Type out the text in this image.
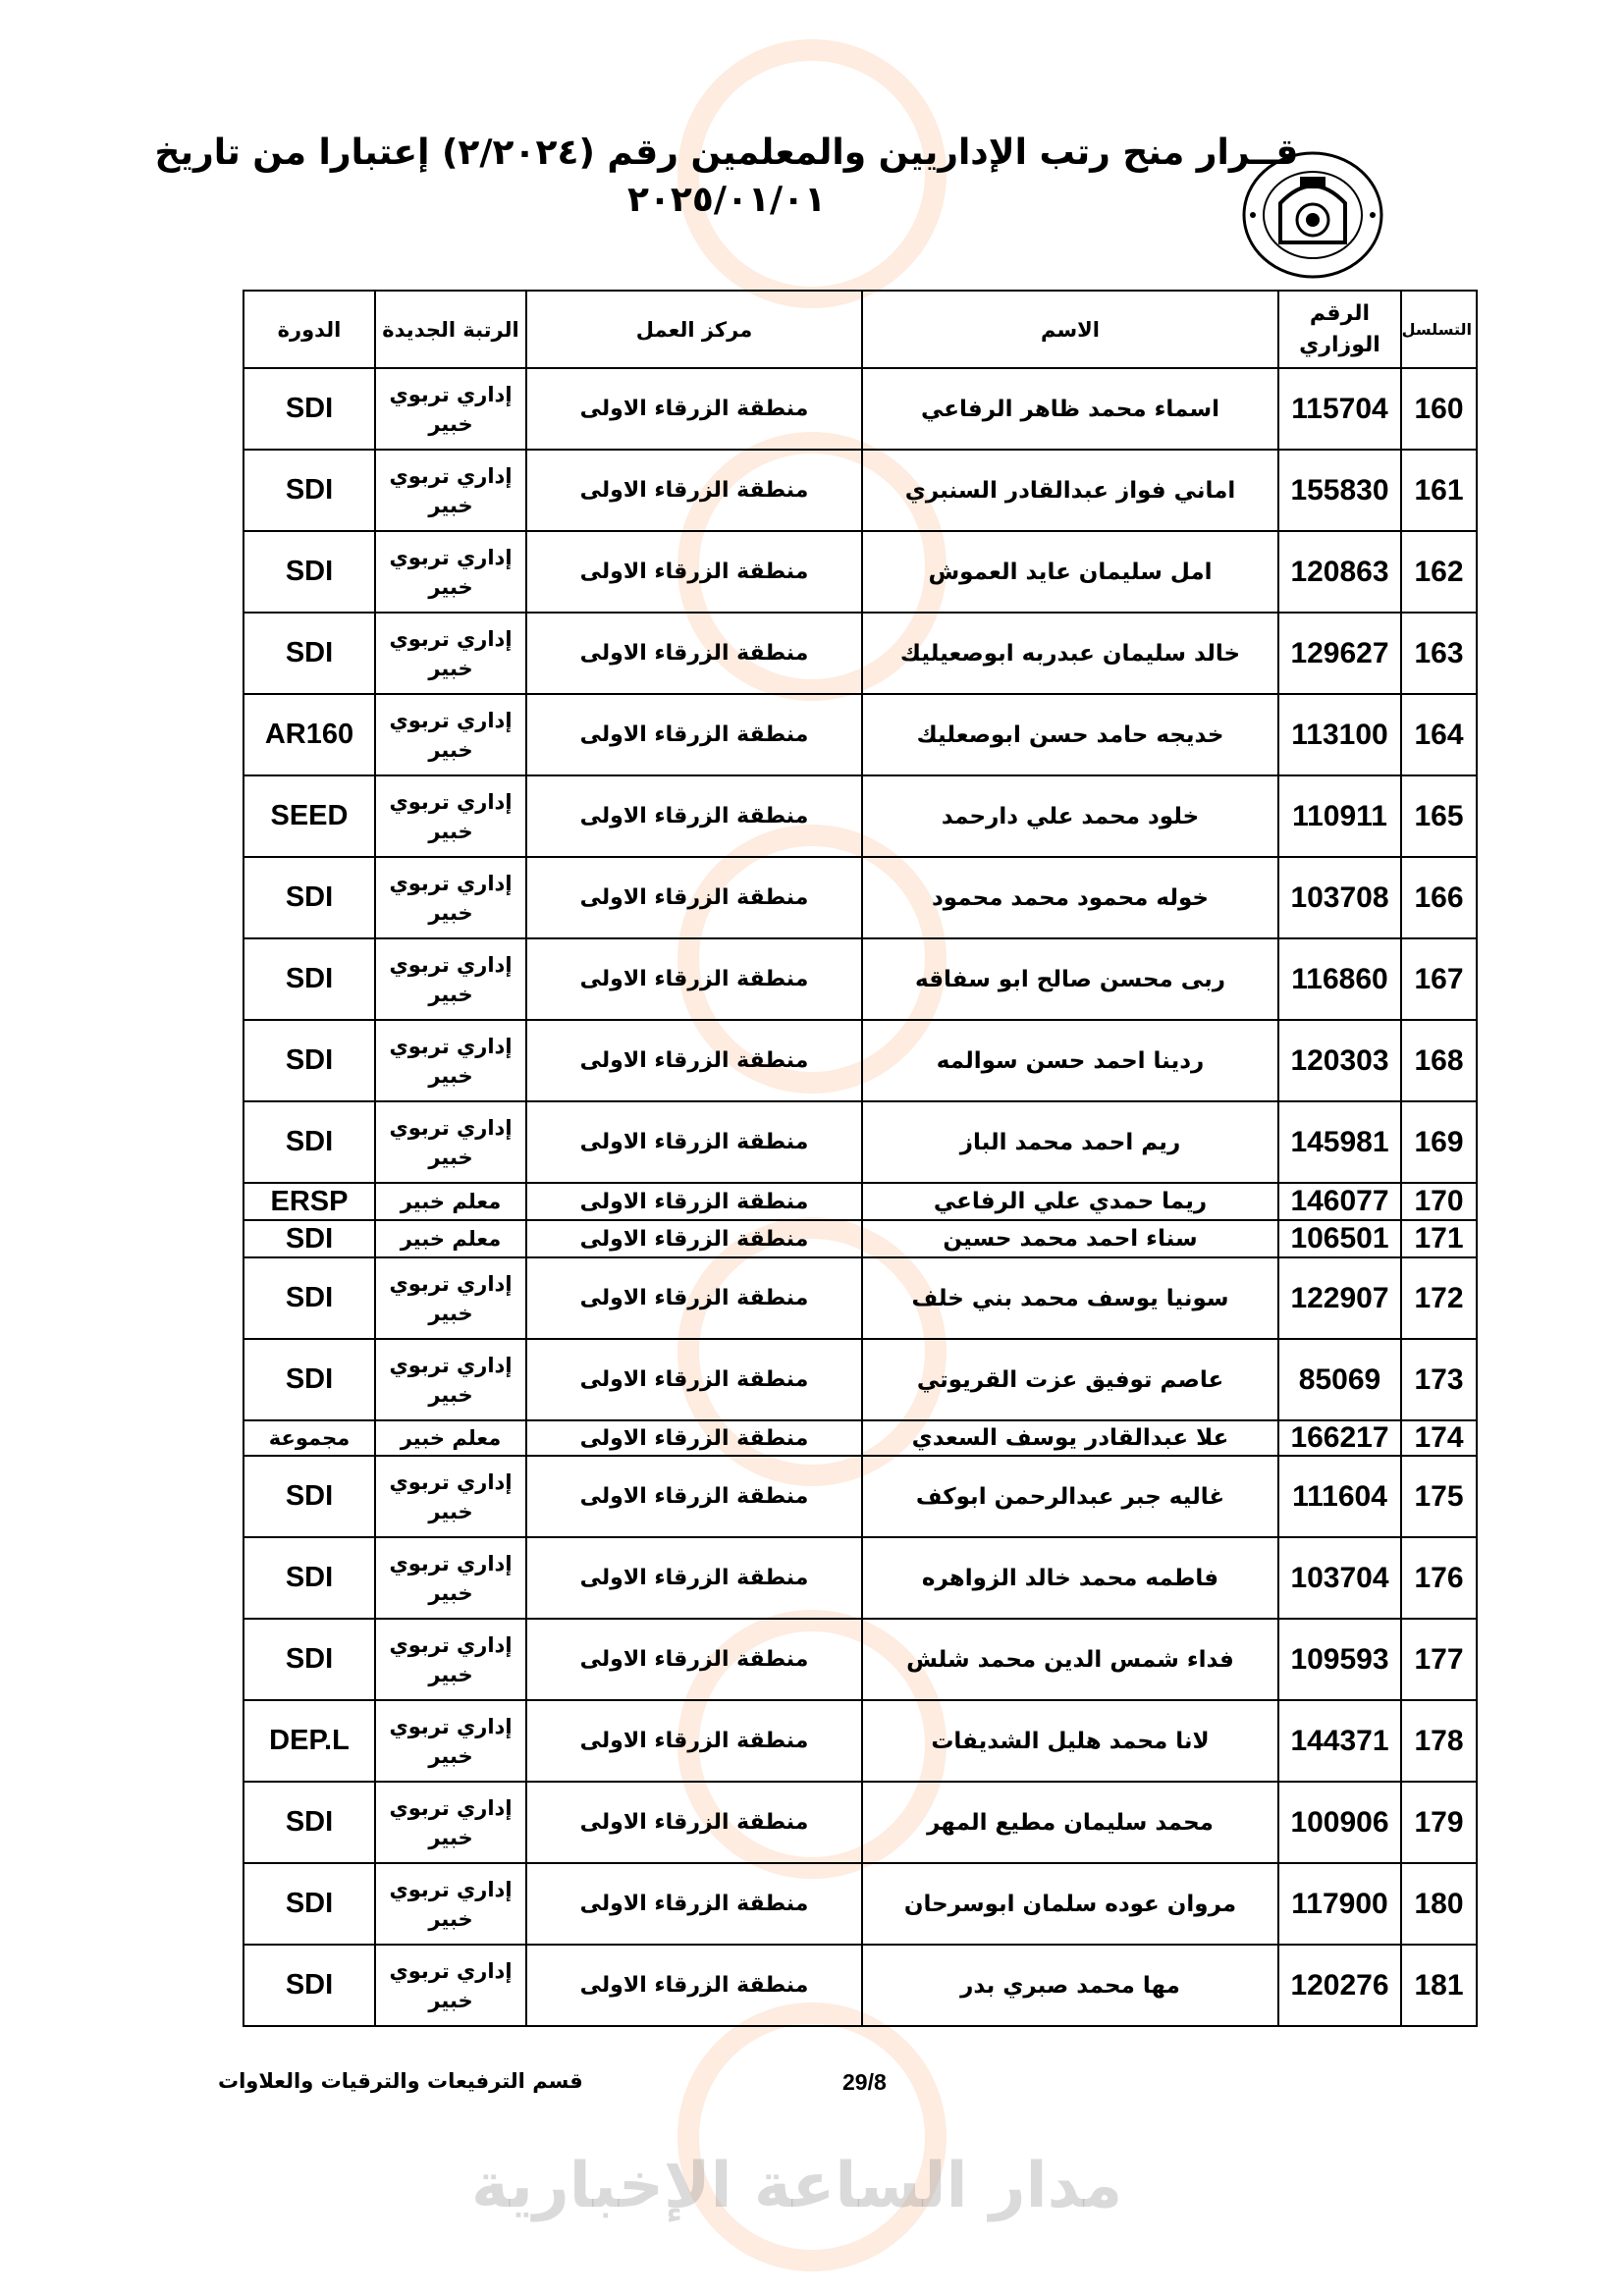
مدار الساعة الإخبارية
قــرار منح رتب الإداريين والمعلمين رقم (٢/٢٠٢٤) إعتبارا من تاريخ
٢٠٢٥/٠١/٠١
التسلسل	الرقم الوزاري	الاسم	مركز العمل	الرتبة الجديدة	الدورة
160	115704	اسماء محمد ظاهر الرفاعي	منطقة الزرقاء الاولى	إداري تربوي خبير	SDI
161	155830	اماني فواز عبدالقادر السنبري	منطقة الزرقاء الاولى	إداري تربوي خبير	SDI
162	120863	امل سليمان عايد العموش	منطقة الزرقاء الاولى	إداري تربوي خبير	SDI
163	129627	خالد سليمان عبدربه ابوصعيليك	منطقة الزرقاء الاولى	إداري تربوي خبير	SDI
164	113100	خديجه حامد حسن ابوصعليك	منطقة الزرقاء الاولى	إداري تربوي خبير	AR160
165	110911	خلود محمد علي دارحمد	منطقة الزرقاء الاولى	إداري تربوي خبير	SEED
166	103708	خوله محمود محمد محمود	منطقة الزرقاء الاولى	إداري تربوي خبير	SDI
167	116860	ربى محسن صالح ابو سفاقه	منطقة الزرقاء الاولى	إداري تربوي خبير	SDI
168	120303	ردينا احمد حسن سوالمه	منطقة الزرقاء الاولى	إداري تربوي خبير	SDI
169	145981	ريم احمد محمد الباز	منطقة الزرقاء الاولى	إداري تربوي خبير	SDI
170	146077	ريما حمدي علي الرفاعي	منطقة الزرقاء الاولى	معلم خبير	ERSP
171	106501	سناء احمد محمد حسين	منطقة الزرقاء الاولى	معلم خبير	SDI
172	122907	سونيا يوسف محمد بني خلف	منطقة الزرقاء الاولى	إداري تربوي خبير	SDI
173	85069	عاصم توفيق عزت القريوتي	منطقة الزرقاء الاولى	إداري تربوي خبير	SDI
174	166217	علا عبدالقادر يوسف السعدي	منطقة الزرقاء الاولى	معلم خبير	مجموعة
175	111604	غاليه جبر عبدالرحمن ابوكف	منطقة الزرقاء الاولى	إداري تربوي خبير	SDI
176	103704	فاطمه محمد خالد الزواهره	منطقة الزرقاء الاولى	إداري تربوي خبير	SDI
177	109593	فداء شمس الدين محمد شلش	منطقة الزرقاء الاولى	إداري تربوي خبير	SDI
178	144371	لانا محمد هليل الشديفات	منطقة الزرقاء الاولى	إداري تربوي خبير	DEP.L
179	100906	محمد سليمان مطيع المهر	منطقة الزرقاء الاولى	إداري تربوي خبير	SDI
180	117900	مروان عوده سلمان ابوسرحان	منطقة الزرقاء الاولى	إداري تربوي خبير	SDI
181	120276	مها محمد صبري بدر	منطقة الزرقاء الاولى	إداري تربوي خبير	SDI
قسم الترفيعات والترقيات والعلاوات	29/8
